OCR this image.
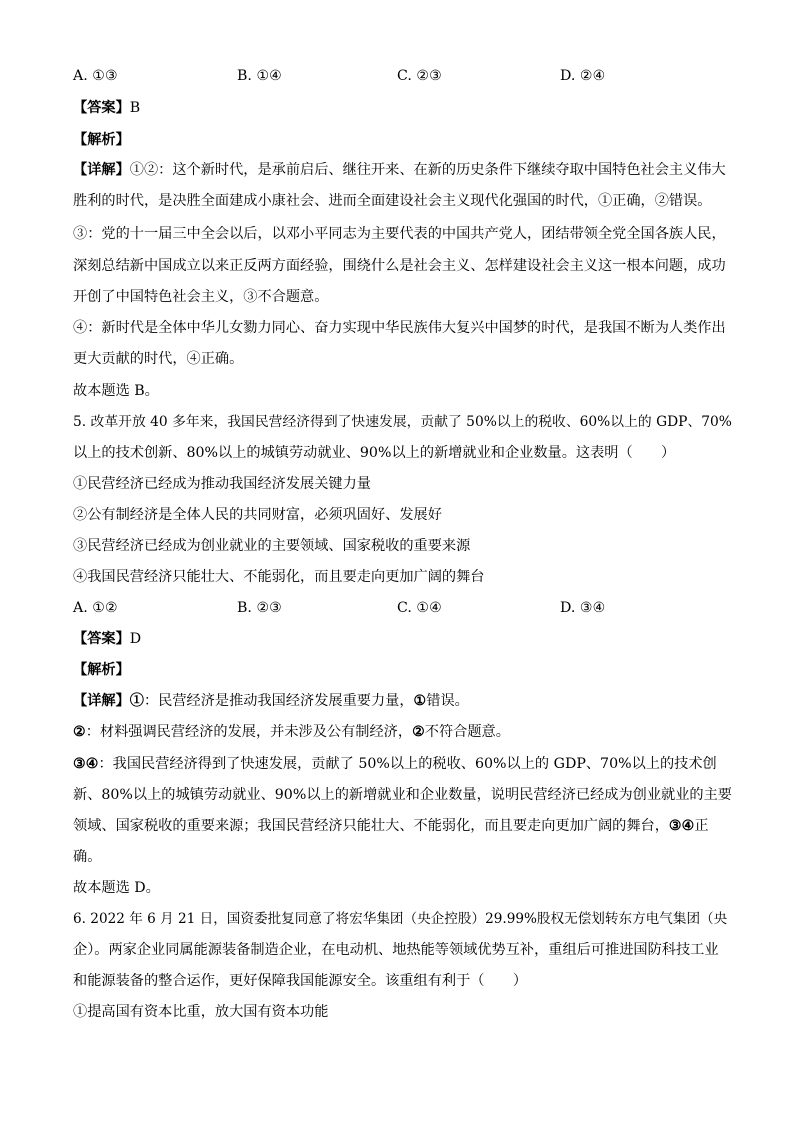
A. ①③	B. ①④	C. ②③	D. ②④
【答案】B
【解析】
【详解】①②：这个新时代，是承前启后、继往开来、在新的历史条件下继续夺取中国特色社会主义伟大
胜利的时代，是决胜全面建成小康社会、进而全面建设社会主义现代化强国的时代，①正确，②错误。
③：党的十一届三中全会以后，以邓小平同志为主要代表的中国共产党人，团结带领全党全国各族人民，
深刻总结新中国成立以来正反两方面经验，围绕什么是社会主义、怎样建设社会主义这一根本问题，成功
开创了中国特色社会主义，③不合题意。
④：新时代是全体中华儿女勠力同心、奋力实现中华民族伟大复兴中国梦的时代，是我国不断为人类作出
更大贡献的时代，④正确。
故本题选 B。
5. 改革开放 40 多年来，我国民营经济得到了快速发展，贡献了 50%以上的税收、60%以上的 GDP、70%
以上的技术创新、80%以上的城镇劳动就业、90%以上的新增就业和企业数量。这表明（　　）
①民营经济已经成为推动我国经济发展关键力量
②公有制经济是全体人民的共同财富，必须巩固好、发展好
③民营经济已经成为创业就业的主要领域、国家税收的重要来源
④我国民营经济只能壮大、不能弱化，而且要走向更加广阔的舞台
A. ①②	B. ②③	C. ①④	D. ③④
【答案】D
【解析】
【详解】①：民营经济是推动我国经济发展重要力量，①错误。
②：材料强调民营经济的发展，并未涉及公有制经济，②不符合题意。
③④：我国民营经济得到了快速发展，贡献了 50%以上的税收、60%以上的 GDP、70%以上的技术创
新、80%以上的城镇劳动就业、90%以上的新增就业和企业数量，说明民营经济已经成为创业就业的主要
领域、国家税收的重要来源；我国民营经济只能壮大、不能弱化，而且要走向更加广阔的舞台，③④正
确。
故本题选 D。
6. 2022 年 6 月 21 日，国资委批复同意了将宏华集团（央企控股）29.99%股权无偿划转东方电气集团（央
企）。两家企业同属能源装备制造企业，在电动机、地热能等领域优势互补，重组后可推进国防科技工业
和能源装备的整合运作，更好保障我国能源安全。该重组有利于（　　）
①提高国有资本比重，放大国有资本功能
